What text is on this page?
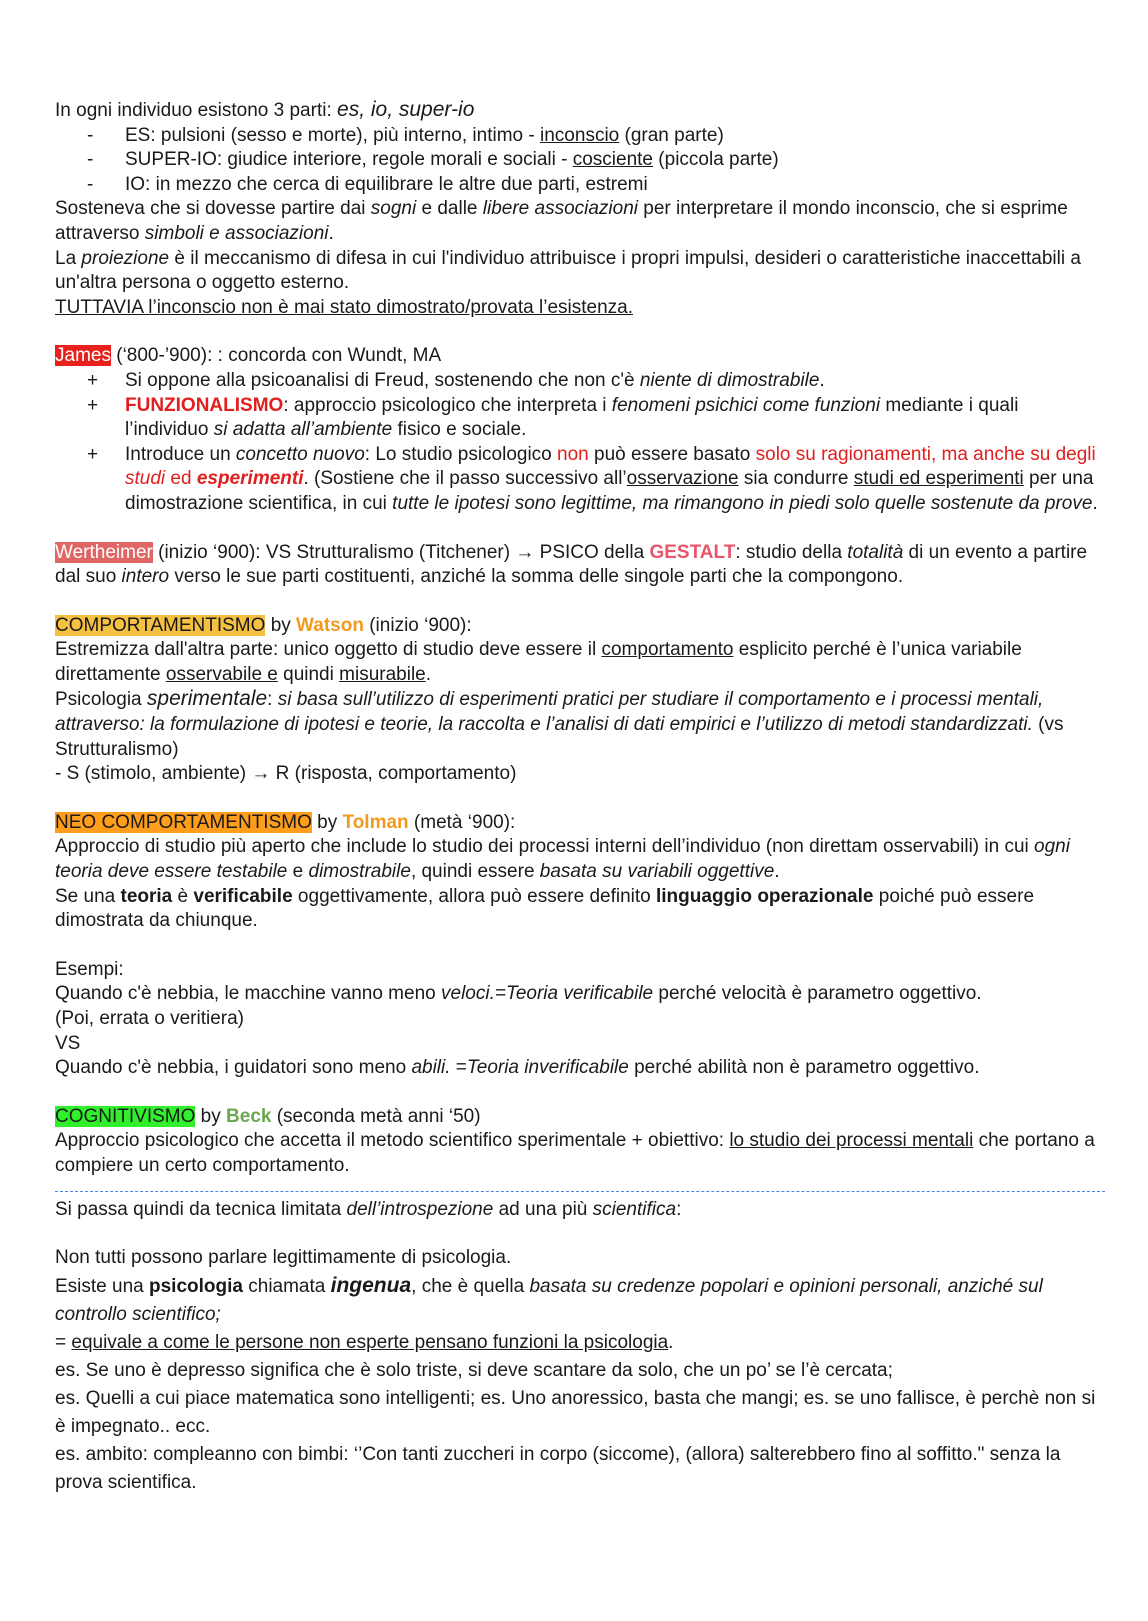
In ogni individuo esistono 3 parti: es, io, super-io

- ES: pulsioni (sesso e morte), più interno, intimo - inconscio (gran parte)

- SUPER-IO: giudice interiore, regole morali e sociali - cosciente (piccola parte)

- IO: in mezzo che cerca di equilibrare le altre due parti, estremi

Sosteneva che si dovesse partire dai sogni e dalle libere associazioni per interpretare il mondo inconscio, che si esprime attraverso simboli e associazioni.

La proiezione è il meccanismo di difesa in cui l'individuo attribuisce i propri impulsi, desideri o caratteristiche inaccettabili a un'altra persona o oggetto esterno.

TUTTAVIA l’inconscio non è mai stato dimostrato/provata l’esistenza.

James (‘800-’900): : concorda con Wundt, MA

+ Si oppone alla psicoanalisi di Freud, sostenendo che non c'è niente di dimostrabile.

+ FUNZIONALISMO: approccio psicologico che interpreta i fenomeni psichici come funzioni mediante i quali l’individuo si adatta all’ambiente fisico e sociale.

+ Introduce un concetto nuovo: Lo studio psicologico non può essere basato solo su ragionamenti, ma anche su degli studi ed esperimenti. (Sostiene che il passo successivo all’osservazione sia condurre studi ed esperimenti per una dimostrazione scientifica, in cui tutte le ipotesi sono legittime, ma rimangono in piedi solo quelle sostenute da prove.

Wertheimer (inizio ‘900): VS Strutturalismo (Titchener) → PSICO della GESTALT: studio della totalità di un evento a partire dal suo intero verso le sue parti costituenti, anziché la somma delle singole parti che la compongono.

COMPORTAMENTISMO by Watson (inizio ‘900):

Estremizza dall'altra parte: unico oggetto di studio deve essere il comportamento esplicito perché è l’unica variabile direttamente osservabile e quindi misurabile.

Psicologia sperimentale: si basa sull’utilizzo di esperimenti pratici per studiare il comportamento e i processi mentali, attraverso: la formulazione di ipotesi e teorie, la raccolta e l’analisi di dati empirici e l’utilizzo di metodi standardizzati. (vs Strutturalismo)

- S (stimolo, ambiente) → R (risposta, comportamento)

NEO COMPORTAMENTISMO by Tolman (metà ‘900):

Approccio di studio più aperto che include lo studio dei processi interni dell’individuo (non direttam osservabili) in cui ogni teoria deve essere testabile e dimostrabile, quindi essere basata su variabili oggettive.

Se una teoria è verificabile oggettivamente, allora può essere definito linguaggio operazionale poiché può essere dimostrata da chiunque.

Esempi:

Quando c'è nebbia, le macchine vanno meno veloci.=Teoria verificabile perché velocità è parametro oggettivo.

(Poi, errata o veritiera)

VS

Quando c'è nebbia, i guidatori sono meno abili. =Teoria inverificabile perché abilità non è parametro oggettivo.

COGNITIVISMO by Beck (seconda metà anni ‘50)

Approccio psicologico che accetta il metodo scientifico sperimentale + obiettivo: lo studio dei processi mentali che portano a compiere un certo comportamento.

Si passa quindi da tecnica limitata dell’introspezione ad una più scientifica:

Non tutti possono parlare legittimamente di psicologia.

Esiste una psicologia chiamata ingenua, che è quella basata su credenze popolari e opinioni personali, anziché sul controllo scientifico;

= equivale a come le persone non esperte pensano funzioni la psicologia.

es. Se uno è depresso significa che è solo triste, si deve scantare da solo, che un po’ se l’è cercata;

es. Quelli a cui piace matematica sono intelligenti; es. Uno anoressico, basta che mangi; es. se uno fallisce, è perchè non si è impegnato.. ecc.

es. ambito: compleanno con bimbi: ‘’Con tanti zuccheri in corpo (siccome), (allora) salterebbero fino al soffitto." senza la prova scientifica.
